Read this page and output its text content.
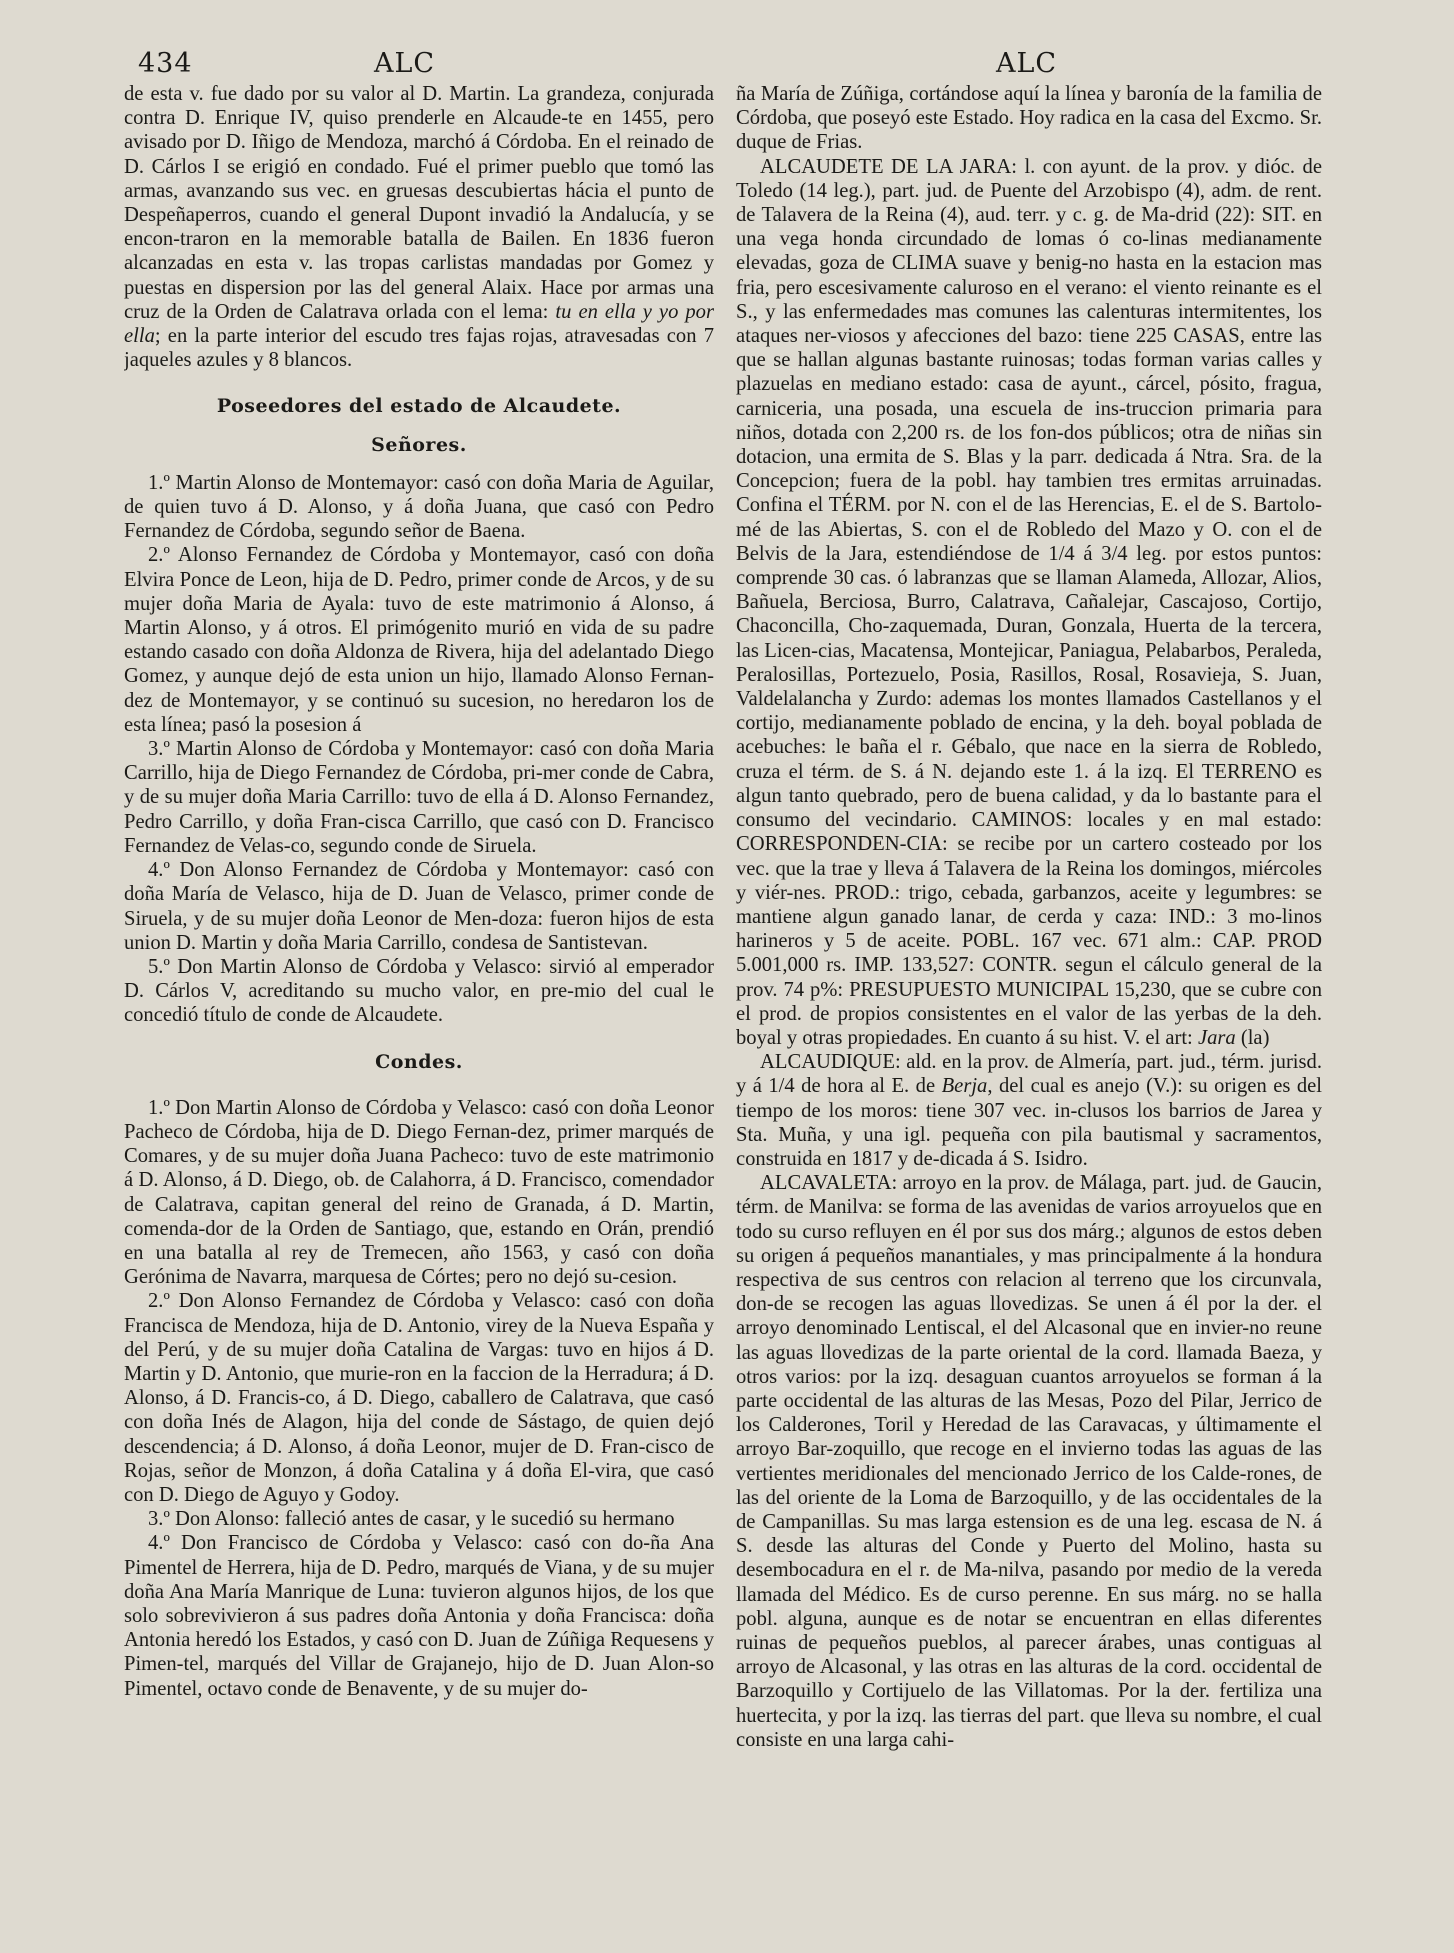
434	ALC	ALC

de esta v. fue dado por su valor al D. Martin. La grandeza, conjurada contra D. Enrique IV, quiso prenderle en Alcaude-te en 1455, pero avisado por D. Iñigo de Mendoza, marchó á Córdoba. En el reinado de D. Cárlos I se erigió en condado. Fué el primer pueblo que tomó las armas, avanzando sus vec. en gruesas descubiertas hácia el punto de Despeñaperros, cuando el general Dupont invadió la Andalucía, y se encon-traron en la memorable batalla de Bailen. En 1836 fueron alcanzadas en esta v. las tropas carlistas mandadas por Gomez y puestas en dispersion por las del general Alaix. Hace por armas una cruz de la Orden de Calatrava orlada con el lema: tu en ella y yo por ella; en la parte interior del escudo tres fajas rojas, atravesadas con 7 jaqueles azules y 8 blancos.

Poseedores del estado de Alcaudete.

Señores.

1.º Martin Alonso de Montemayor: casó con doña Maria de Aguilar, de quien tuvo á D. Alonso, y á doña Juana, que casó con Pedro Fernandez de Córdoba, segundo señor de Baena.

2.º Alonso Fernandez de Córdoba y Montemayor, casó con doña Elvira Ponce de Leon, hija de D. Pedro, primer conde de Arcos, y de su mujer doña Maria de Ayala: tuvo de este matrimonio á Alonso, á Martin Alonso, y á otros. El primógenito murió en vida de su padre estando casado con doña Aldonza de Rivera, hija del adelantado Diego Gomez, y aunque dejó de esta union un hijo, llamado Alonso Fernan-dez de Montemayor, y se continuó su sucesion, no heredaron los de esta línea; pasó la posesion á

3.º Martin Alonso de Córdoba y Montemayor: casó con doña Maria Carrillo, hija de Diego Fernandez de Córdoba, pri-mer conde de Cabra, y de su mujer doña Maria Carrillo: tuvo de ella á D. Alonso Fernandez, Pedro Carrillo, y doña Fran-cisca Carrillo, que casó con D. Francisco Fernandez de Velas-co, segundo conde de Siruela.

4.º Don Alonso Fernandez de Córdoba y Montemayor: casó con doña María de Velasco, hija de D. Juan de Velasco, primer conde de Siruela, y de su mujer doña Leonor de Men-doza: fueron hijos de esta union D. Martin y doña Maria Carrillo, condesa de Santistevan.

5.º Don Martin Alonso de Córdoba y Velasco: sirvió al emperador D. Cárlos V, acreditando su mucho valor, en pre-mio del cual le concedió título de conde de Alcaudete.

Condes.

1.º Don Martin Alonso de Córdoba y Velasco: casó con doña Leonor Pacheco de Córdoba, hija de D. Diego Fernan-dez, primer marqués de Comares, y de su mujer doña Juana Pacheco: tuvo de este matrimonio á D. Alonso, á D. Diego, ob. de Calahorra, á D. Francisco, comendador de Calatrava, capitan general del reino de Granada, á D. Martin, comenda-dor de la Orden de Santiago, que, estando en Orán, prendió en una batalla al rey de Tremecen, año 1563, y casó con doña Gerónima de Navarra, marquesa de Córtes; pero no dejó su-cesion.

2.º Don Alonso Fernandez de Córdoba y Velasco: casó con doña Francisca de Mendoza, hija de D. Antonio, virey de la Nueva España y del Perú, y de su mujer doña Catalina de Vargas: tuvo en hijos á D. Martin y D. Antonio, que murie-ron en la faccion de la Herradura; á D. Alonso, á D. Francis-co, á D. Diego, caballero de Calatrava, que casó con doña Inés de Alagon, hija del conde de Sástago, de quien dejó descendencia; á D. Alonso, á doña Leonor, mujer de D. Fran-cisco de Rojas, señor de Monzon, á doña Catalina y á doña El-vira, que casó con D. Diego de Aguyo y Godoy.

3.º Don Alonso: falleció antes de casar, y le sucedió su hermano

4.º Don Francisco de Córdoba y Velasco: casó con do-ña Ana Pimentel de Herrera, hija de D. Pedro, marqués de Viana, y de su mujer doña Ana María Manrique de Luna: tuvieron algunos hijos, de los que solo sobrevivieron á sus padres doña Antonia y doña Francisca: doña Antonia heredó los Estados, y casó con D. Juan de Zúñiga Requesens y Pimen-tel, marqués del Villar de Grajanejo, hijo de D. Juan Alon-so Pimentel, octavo conde de Benavente, y de su mujer do-

ña María de Zúñiga, cortándose aquí la línea y baronía de la familia de Córdoba, que poseyó este Estado. Hoy radica en la casa del Excmo. Sr. duque de Frias.

ALCAUDETE DE LA JARA: l. con ayunt. de la prov. y dióc. de Toledo (14 leg.), part. jud. de Puente del Arzobispo (4), adm. de rent. de Talavera de la Reina (4), aud. terr. y c. g. de Ma-drid (22): SIT. en una vega honda circundado de lomas ó co-linas medianamente elevadas, goza de CLIMA suave y benig-no hasta en la estacion mas fria, pero escesivamente caluroso en el verano: el viento reinante es el S., y las enfermedades mas comunes las calenturas intermitentes, los ataques ner-viosos y afecciones del bazo: tiene 225 CASAS, entre las que se hallan algunas bastante ruinosas; todas forman varias calles y plazuelas en mediano estado: casa de ayunt., cárcel, pósito, fragua, carniceria, una posada, una escuela de ins-truccion primaria para niños, dotada con 2,200 rs. de los fon-dos públicos; otra de niñas sin dotacion, una ermita de S. Blas y la parr. dedicada á Ntra. Sra. de la Concepcion; fuera de la pobl. hay tambien tres ermitas arruinadas. Confina el TÉRM. por N. con el de las Herencias, E. el de S. Bartolo-mé de las Abiertas, S. con el de Robledo del Mazo y O. con el de Belvis de la Jara, estendiéndose de 1/4 á 3/4 leg. por estos puntos: comprende 30 cas. ó labranzas que se llaman Alameda, Allozar, Alios, Bañuela, Berciosa, Burro, Calatrava, Cañalejar, Cascajoso, Cortijo, Chaconcilla, Cho-zaquemada, Duran, Gonzala, Huerta de la tercera, las Licen-cias, Macatensa, Montejicar, Paniagua, Pelabarbos, Peraleda, Peralosillas, Portezuelo, Posia, Rasillos, Rosal, Rosavieja, S. Juan, Valdelalancha y Zurdo: ademas los montes llamados Castellanos y el cortijo, medianamente poblado de encina, y la deh. boyal poblada de acebuches: le baña el r. Gébalo, que nace en la sierra de Robledo, cruza el térm. de S. á N. dejando este 1. á la izq. El TERRENO es algun tanto quebrado, pero de buena calidad, y da lo bastante para el consumo del vecindario. CAMINOS: locales y en mal estado: CORRESPONDEN-CIA: se recibe por un cartero costeado por los vec. que la trae y lleva á Talavera de la Reina los domingos, miércoles y viér-nes. PROD.: trigo, cebada, garbanzos, aceite y legumbres: se mantiene algun ganado lanar, de cerda y caza: IND.: 3 mo-linos harineros y 5 de aceite. POBL. 167 vec. 671 alm.: CAP. PROD 5.001,000 rs. IMP. 133,527: CONTR. segun el cálculo general de la prov. 74 p%: PRESUPUESTO MUNICIPAL 15,230, que se cubre con el prod. de propios consistentes en el valor de las yerbas de la deh. boyal y otras propiedades. En cuanto á su hist. V. el art: Jara (la)

ALCAUDIQUE: ald. en la prov. de Almería, part. jud., térm. jurisd. y á 1/4 de hora al E. de Berja, del cual es anejo (V.): su origen es del tiempo de los moros: tiene 307 vec. in-clusos los barrios de Jarea y Sta. Muña, y una igl. pequeña con pila bautismal y sacramentos, construida en 1817 y de-dicada á S. Isidro.

ALCAVALETA: arroyo en la prov. de Málaga, part. jud. de Gaucin, térm. de Manilva: se forma de las avenidas de varios arroyuelos que en todo su curso refluyen en él por sus dos márg.; algunos de estos deben su origen á pequeños manantiales, y mas principalmente á la hondura respectiva de sus centros con relacion al terreno que los circunvala, don-de se recogen las aguas llovedizas. Se unen á él por la der. el arroyo denominado Lentiscal, el del Alcasonal que en invier-no reune las aguas llovedizas de la parte oriental de la cord. llamada Baeza, y otros varios: por la izq. desaguan cuantos arroyuelos se forman á la parte occidental de las alturas de las Mesas, Pozo del Pilar, Jerrico de los Calderones, Toril y Heredad de las Caravacas, y últimamente el arroyo Bar-zoquillo, que recoge en el invierno todas las aguas de las vertientes meridionales del mencionado Jerrico de los Calde-rones, de las del oriente de la Loma de Barzoquillo, y de las occidentales de la de Campanillas. Su mas larga estension es de una leg. escasa de N. á S. desde las alturas del Conde y Puerto del Molino, hasta su desembocadura en el r. de Ma-nilva, pasando por medio de la vereda llamada del Médico. Es de curso perenne. En sus márg. no se halla pobl. alguna, aunque es de notar se encuentran en ellas diferentes ruinas de pequeños pueblos, al parecer árabes, unas contiguas al arroyo de Alcasonal, y las otras en las alturas de la cord. occidental de Barzoquillo y Cortijuelo de las Villatomas. Por la der. fertiliza una huertecita, y por la izq. las tierras del part. que lleva su nombre, el cual consiste en una larga cahi-
